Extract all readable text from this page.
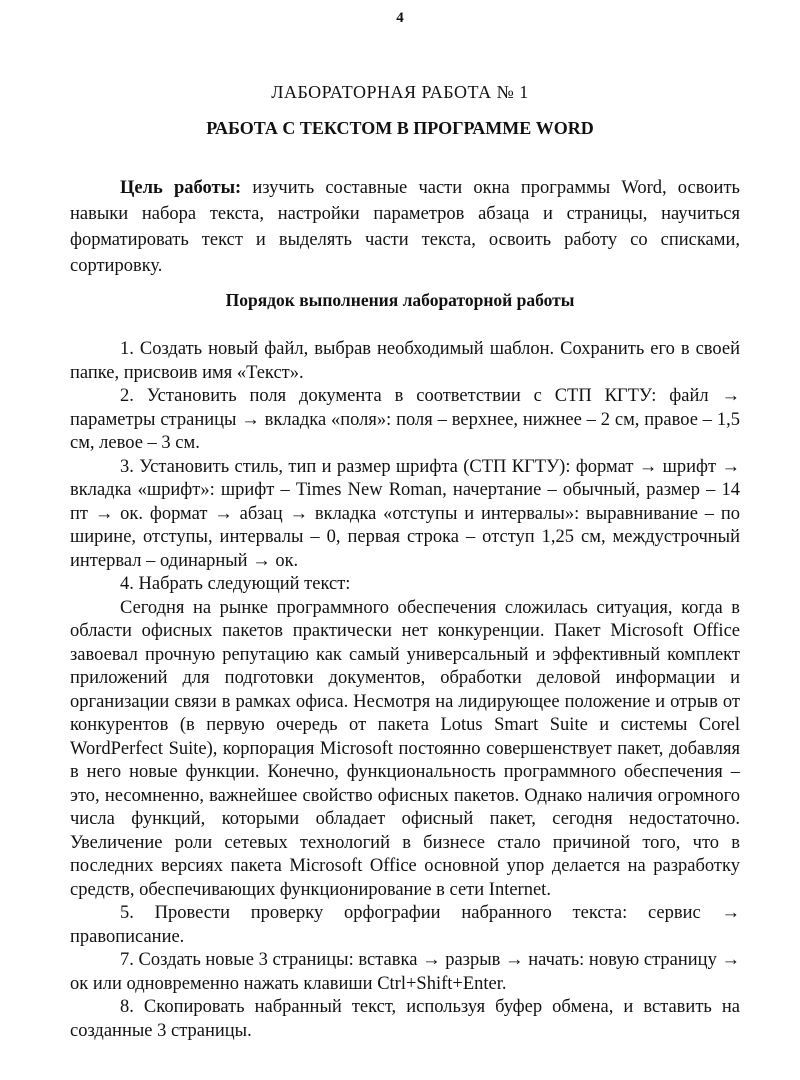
4
ЛАБОРАТОРНАЯ РАБОТА № 1
РАБОТА С ТЕКСТОМ В ПРОГРАММЕ WORD

Цель работы: изучить составные части окна программы Word, освоить навыки набора текста, настройки параметров абзаца и страницы, научиться форматировать текст и выделять части текста, освоить работу со списками, сортировку.

Порядок выполнения лабораторной работы

1. Создать новый файл, выбрав необходимый шаблон. Сохранить его в своей папке, присвоив имя «Текст».

2. Установить поля документа в соответствии с СТП КГТУ: файл → параметры страницы → вкладка «поля»: поля – верхнее, нижнее – 2 см, правое – 1,5 см, левое – 3 см.

3. Установить стиль, тип и размер шрифта (СТП КГТУ): формат → шрифт → вкладка «шрифт»: шрифт – Times New Roman, начертание – обычный, размер – 14 пт → ок. формат → абзац → вкладка «отступы и интервалы»: выравнивание – по ширине, отступы, интервалы – 0, первая строка – отступ 1,25 см, междустрочный интервал – одинарный → ок.

4. Набрать следующий текст:

Сегодня на рынке программного обеспечения сложилась ситуация, когда в области офисных пакетов практически нет конкуренции. Пакет Microsoft Office завоевал прочную репутацию как самый универсальный и эффективный комплект приложений для подготовки документов, обработки деловой информации и организации связи в рамках офиса. Несмотря на лидирующее положение и отрыв от конкурентов (в первую очередь от пакета Lotus Smart Suite и системы Corel WordPerfect Suite), корпорация Microsoft постоянно совершенствует пакет, добавляя в него новые функции. Конечно, функциональность программного обеспечения – это, несомненно, важнейшее свойство офисных пакетов. Однако наличия огромного числа функций, которыми обладает офисный пакет, сегодня недостаточно. Увеличение роли сетевых технологий в бизнесе стало причиной того, что в последних версиях пакета Microsoft Office основной упор делается на разработку средств, обеспечивающих функционирование в сети Internet.

5. Провести проверку орфографии набранного текста: сервис → правописание.

7. Создать новые 3 страницы: вставка → разрыв → начать: новую страницу → ок или одновременно нажать клавиши Ctrl+Shift+Enter.

8. Скопировать набранный текст, используя буфер обмена, и вставить на созданные 3 страницы.
